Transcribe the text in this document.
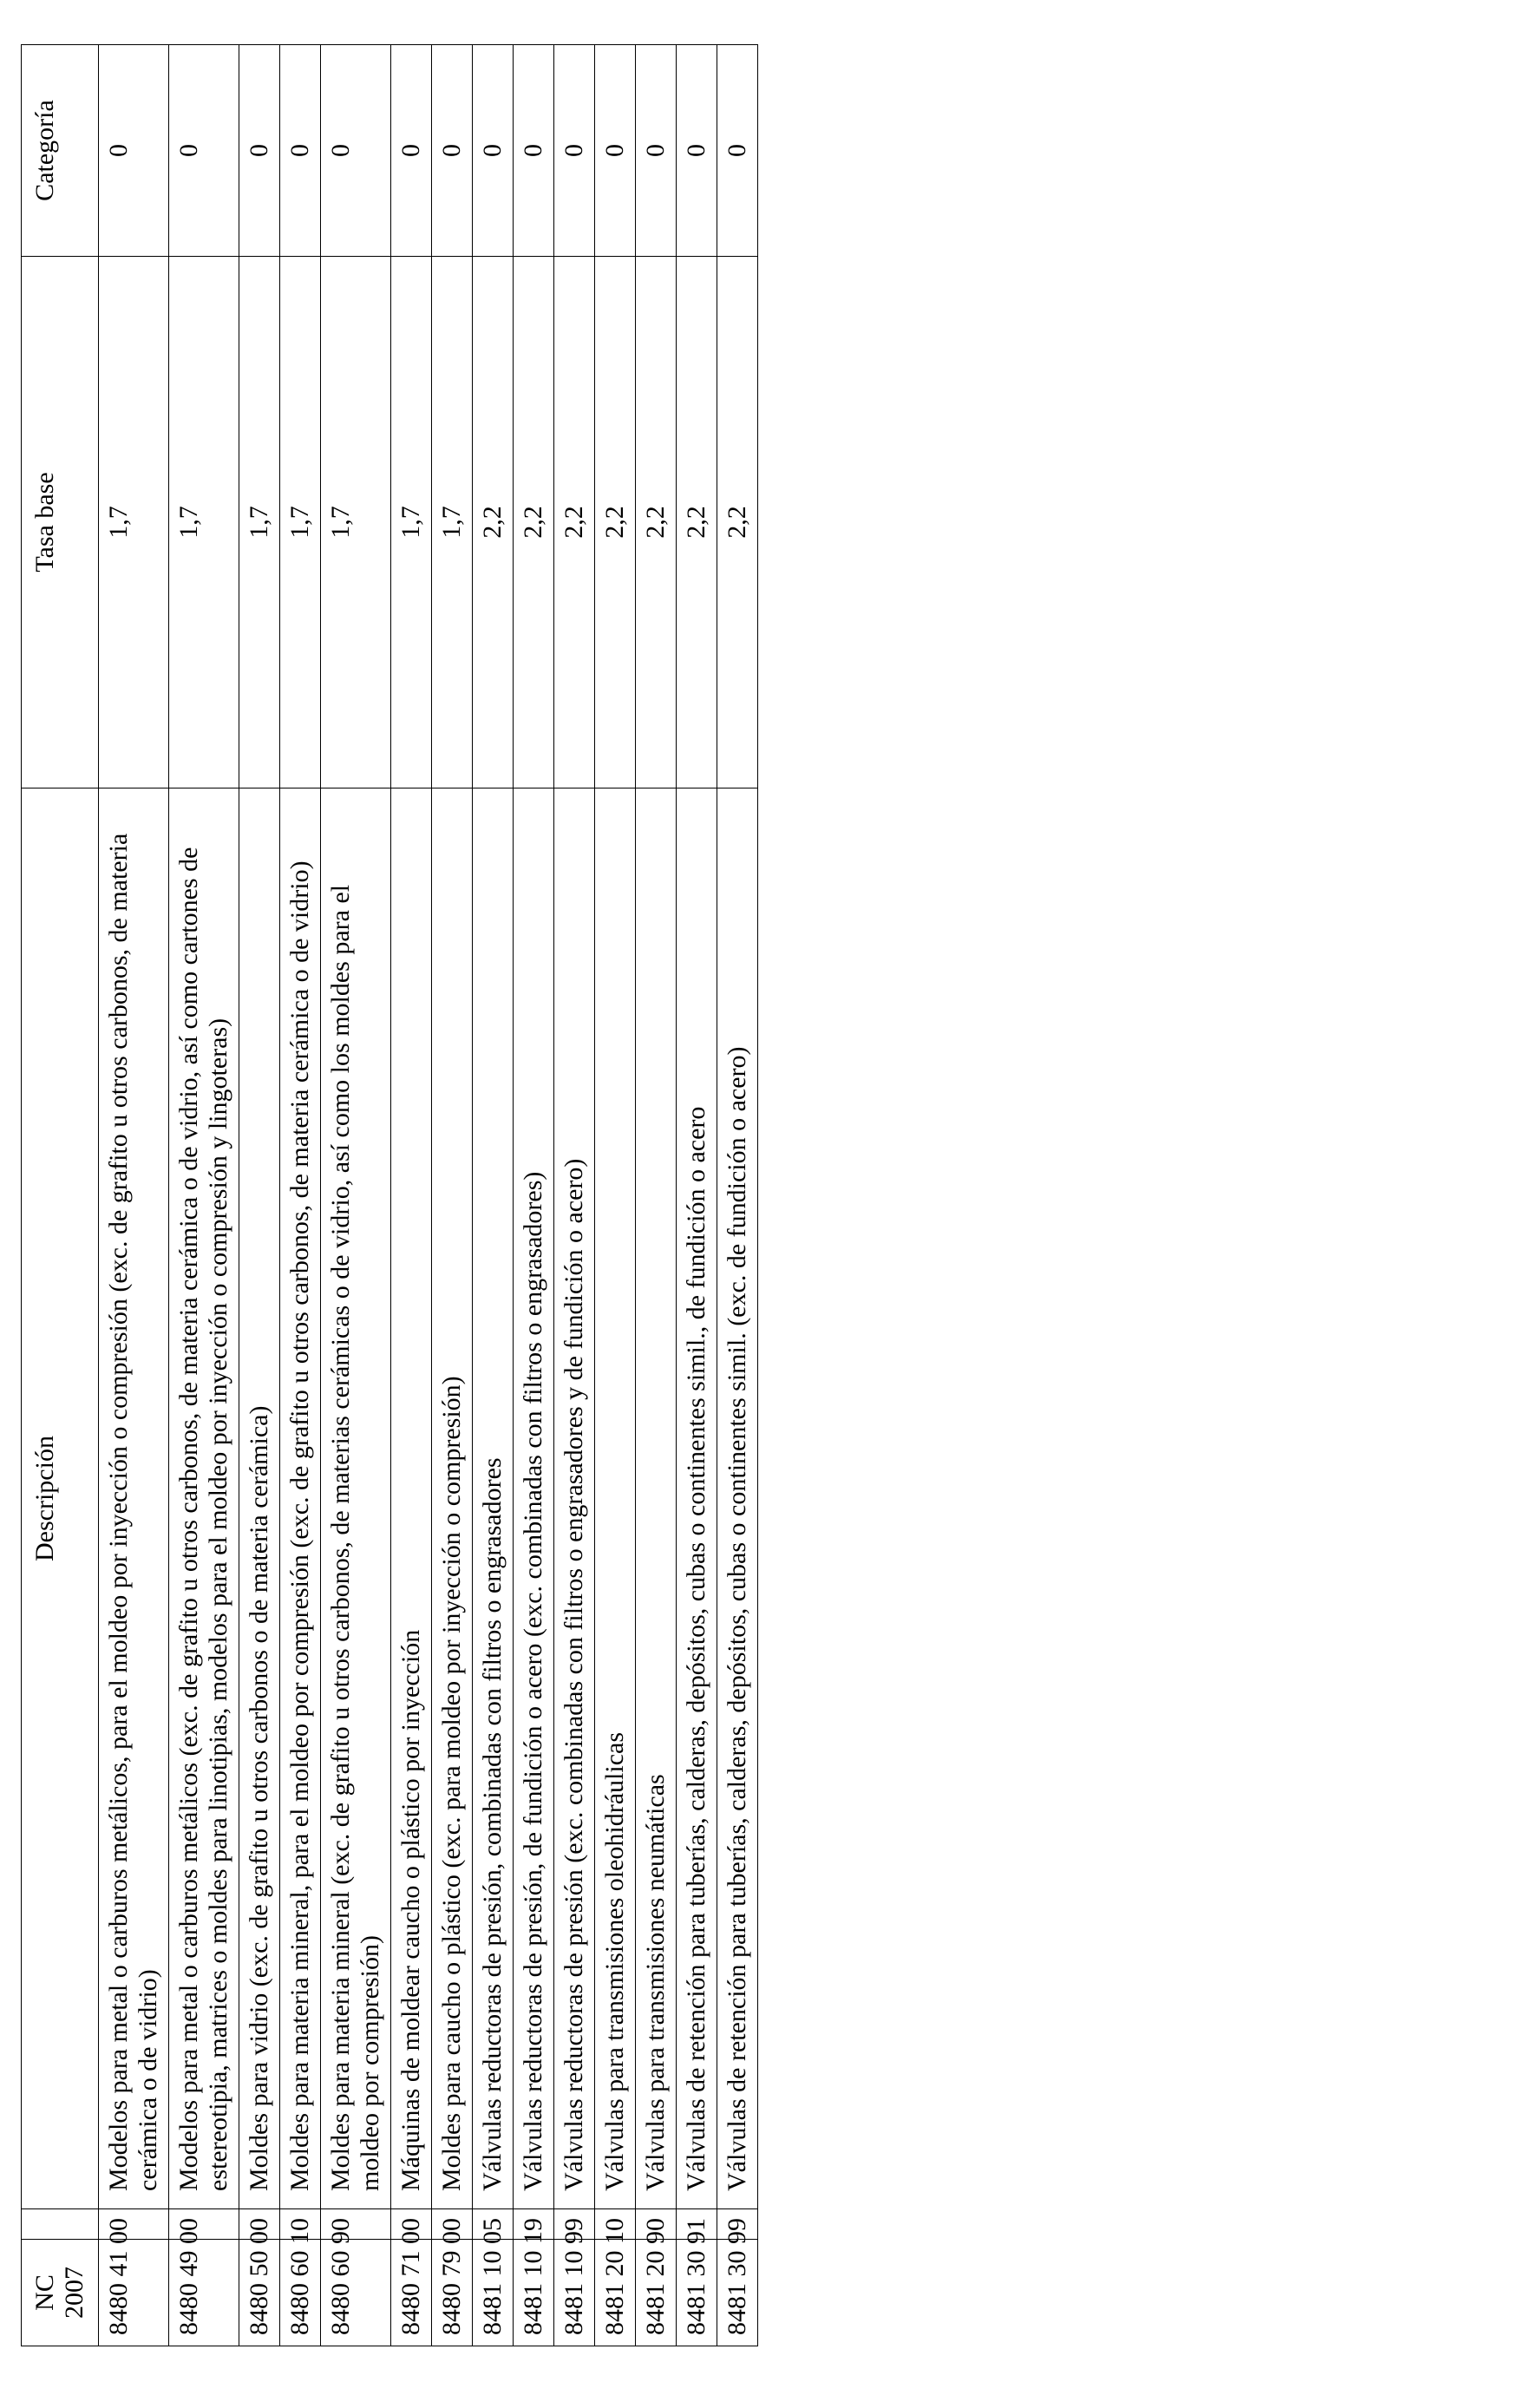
NC 2007		Descripción	Tasa base	Categoría
8480 41 00		Modelos para metal o carburos metálicos, para el moldeo por inyección o compresión (exc. de grafito u otros carbonos, de materia cerámica o de vidrio)	1,7	0
8480 49 00		Modelos para metal o carburos metálicos (exc. de grafito u otros carbonos, de materia cerámica o de vidrio, así como cartones de estereotipia, matrices o moldes para linotipias, modelos para el moldeo por inyección o compresión y lingoteras)	1,7	0
8480 50 00		Moldes para vidrio (exc. de grafito u otros carbonos o de materia cerámica)	1,7	0
8480 60 10		Moldes para materia mineral, para el moldeo por compresión (exc. de grafito u otros carbonos, de materia cerámica o de vidrio)	1,7	0
8480 60 90		Moldes para materia mineral (exc. de grafito u otros carbonos, de materias cerámicas o de vidrio, así como los moldes para el moldeo por compresión)	1,7	0
8480 71 00		Máquinas de moldear caucho o plástico por inyección	1,7	0
8480 79 00		Moldes para caucho o plástico (exc. para moldeo por inyección o compresión)	1,7	0
8481 10 05		Válvulas reductoras de presión, combinadas con filtros o engrasadores	2,2	0
8481 10 19		Válvulas reductoras de presión, de fundición o acero (exc. combinadas con filtros o engrasadores)	2,2	0
8481 10 99		Válvulas reductoras de presión (exc. combinadas con filtros o engrasadores y de fundición o acero)	2,2	0
8481 20 10		Válvulas para transmisiones oleohidráulicas	2,2	0
8481 20 90		Válvulas para transmisiones neumáticas	2,2	0
8481 30 91		Válvulas de retención para tuberías, calderas, depósitos, cubas o continentes simil., de fundición o acero	2,2	0
8481 30 99		Válvulas de retención para tuberías, calderas, depósitos, cubas o continentes simil. (exc. de fundición o acero)	2,2	0
